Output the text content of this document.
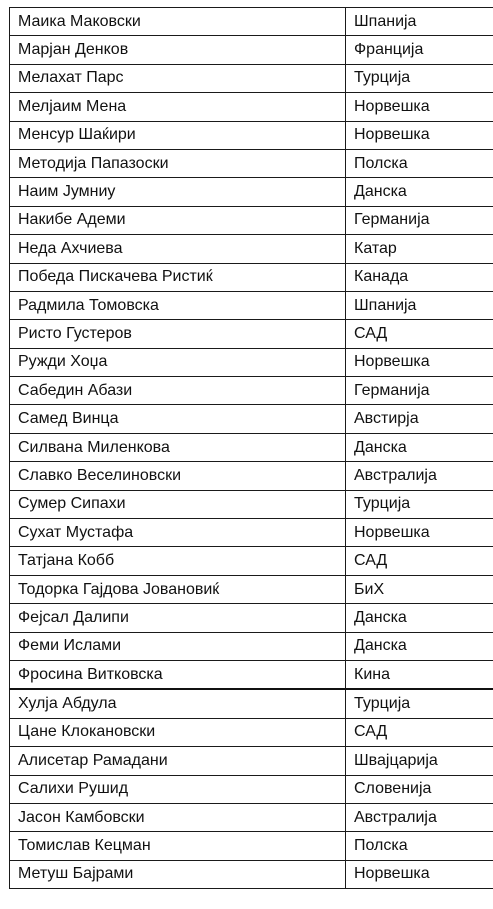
Маика Маковски	Шпанија
Марјан Денков	Франција
Мелахат Парс	Турција
Мелјаим Мена	Норвешка
Менсур Шаќири	Норвешка
Методија Папазоски	Полска
Наим Јумниу	Данска
Накибе Адеми	Германија
Неда Ахчиева	Катар
Победа Пискачева Ристиќ	Канада
Радмила Томовска	Шпанија
Ристо Густеров	САД
Ружди Хоџа	Норвешка
Сабедин Абази	Германија
Самед Винца	Австирја
Силвана Миленкова	Данска
Славко Веселиновски	Австралија
Сумер Сипахи	Турција
Сухат Мустафа	Норвешка
Татјана Кобб	САД
Тодорка Гајдова Јовановиќ	БиХ
Фејсал Далипи	Данска
Феми Ислами	Данска
Фросина Витковска	Кина
Хулја Абдула	Турција
Цане Клокановски	САД
Алисетар Рамадани	Швајцарија
Салихи Рушид	Словенија
Јасон Камбовски	Австралија
Томислав Кецман	Полска
Метуш Бајрами	Норвешка
